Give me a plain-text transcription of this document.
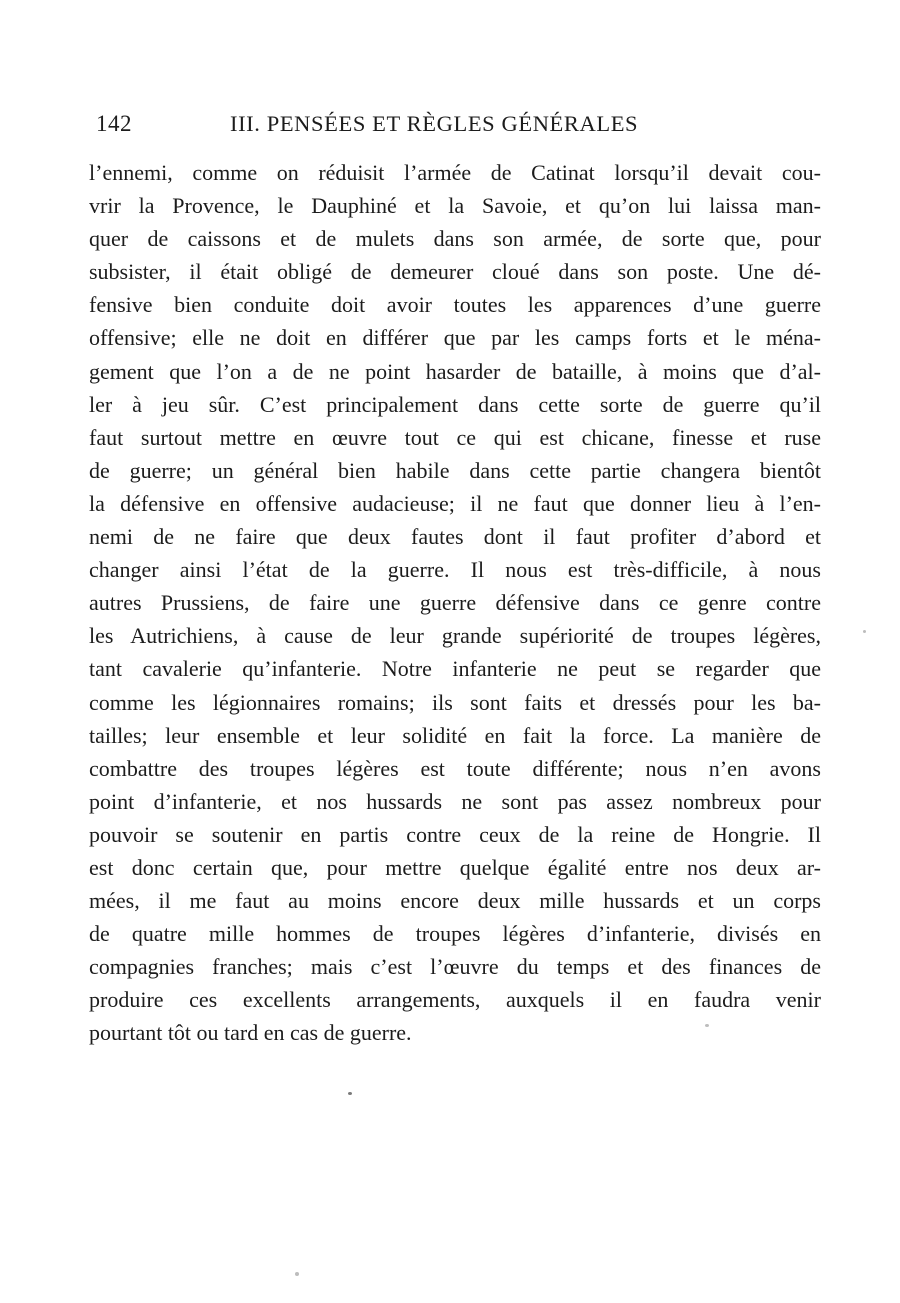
142	III. PENSÉES ET RÈGLES GÉNÉRALES
l’ennemi, comme on réduisit l’armée de Catinat lorsqu’il devait cou-
vrir la Provence, le Dauphiné et la Savoie, et qu’on lui laissa man-
quer de caissons et de mulets dans son armée, de sorte que, pour
subsister, il était obligé de demeurer cloué dans son poste. Une dé-
fensive bien conduite doit avoir toutes les apparences d’une guerre
offensive; elle ne doit en différer que par les camps forts et le ména-
gement que l’on a de ne point hasarder de bataille, à moins que d’al-
ler à jeu sûr. C’est principalement dans cette sorte de guerre qu’il
faut surtout mettre en œuvre tout ce qui est chicane, finesse et ruse
de guerre; un général bien habile dans cette partie changera bientôt
la défensive en offensive audacieuse; il ne faut que donner lieu à l’en-
nemi de ne faire que deux fautes dont il faut profiter d’abord et
changer ainsi l’état de la guerre. Il nous est très-difficile, à nous
autres Prussiens, de faire une guerre défensive dans ce genre contre
les Autrichiens, à cause de leur grande supériorité de troupes légères,
tant cavalerie qu’infanterie. Notre infanterie ne peut se regarder que
comme les légionnaires romains; ils sont faits et dressés pour les ba-
tailles; leur ensemble et leur solidité en fait la force. La manière de
combattre des troupes légères est toute différente; nous n’en avons
point d’infanterie, et nos hussards ne sont pas assez nombreux pour
pouvoir se soutenir en partis contre ceux de la reine de Hongrie. Il
est donc certain que, pour mettre quelque égalité entre nos deux ar-
mées, il me faut au moins encore deux mille hussards et un corps
de quatre mille hommes de troupes légères d’infanterie, divisés en
compagnies franches; mais c’est l’œuvre du temps et des finances de
produire ces excellents arrangements, auxquels il en faudra venir
pourtant tôt ou tard en cas de guerre.
